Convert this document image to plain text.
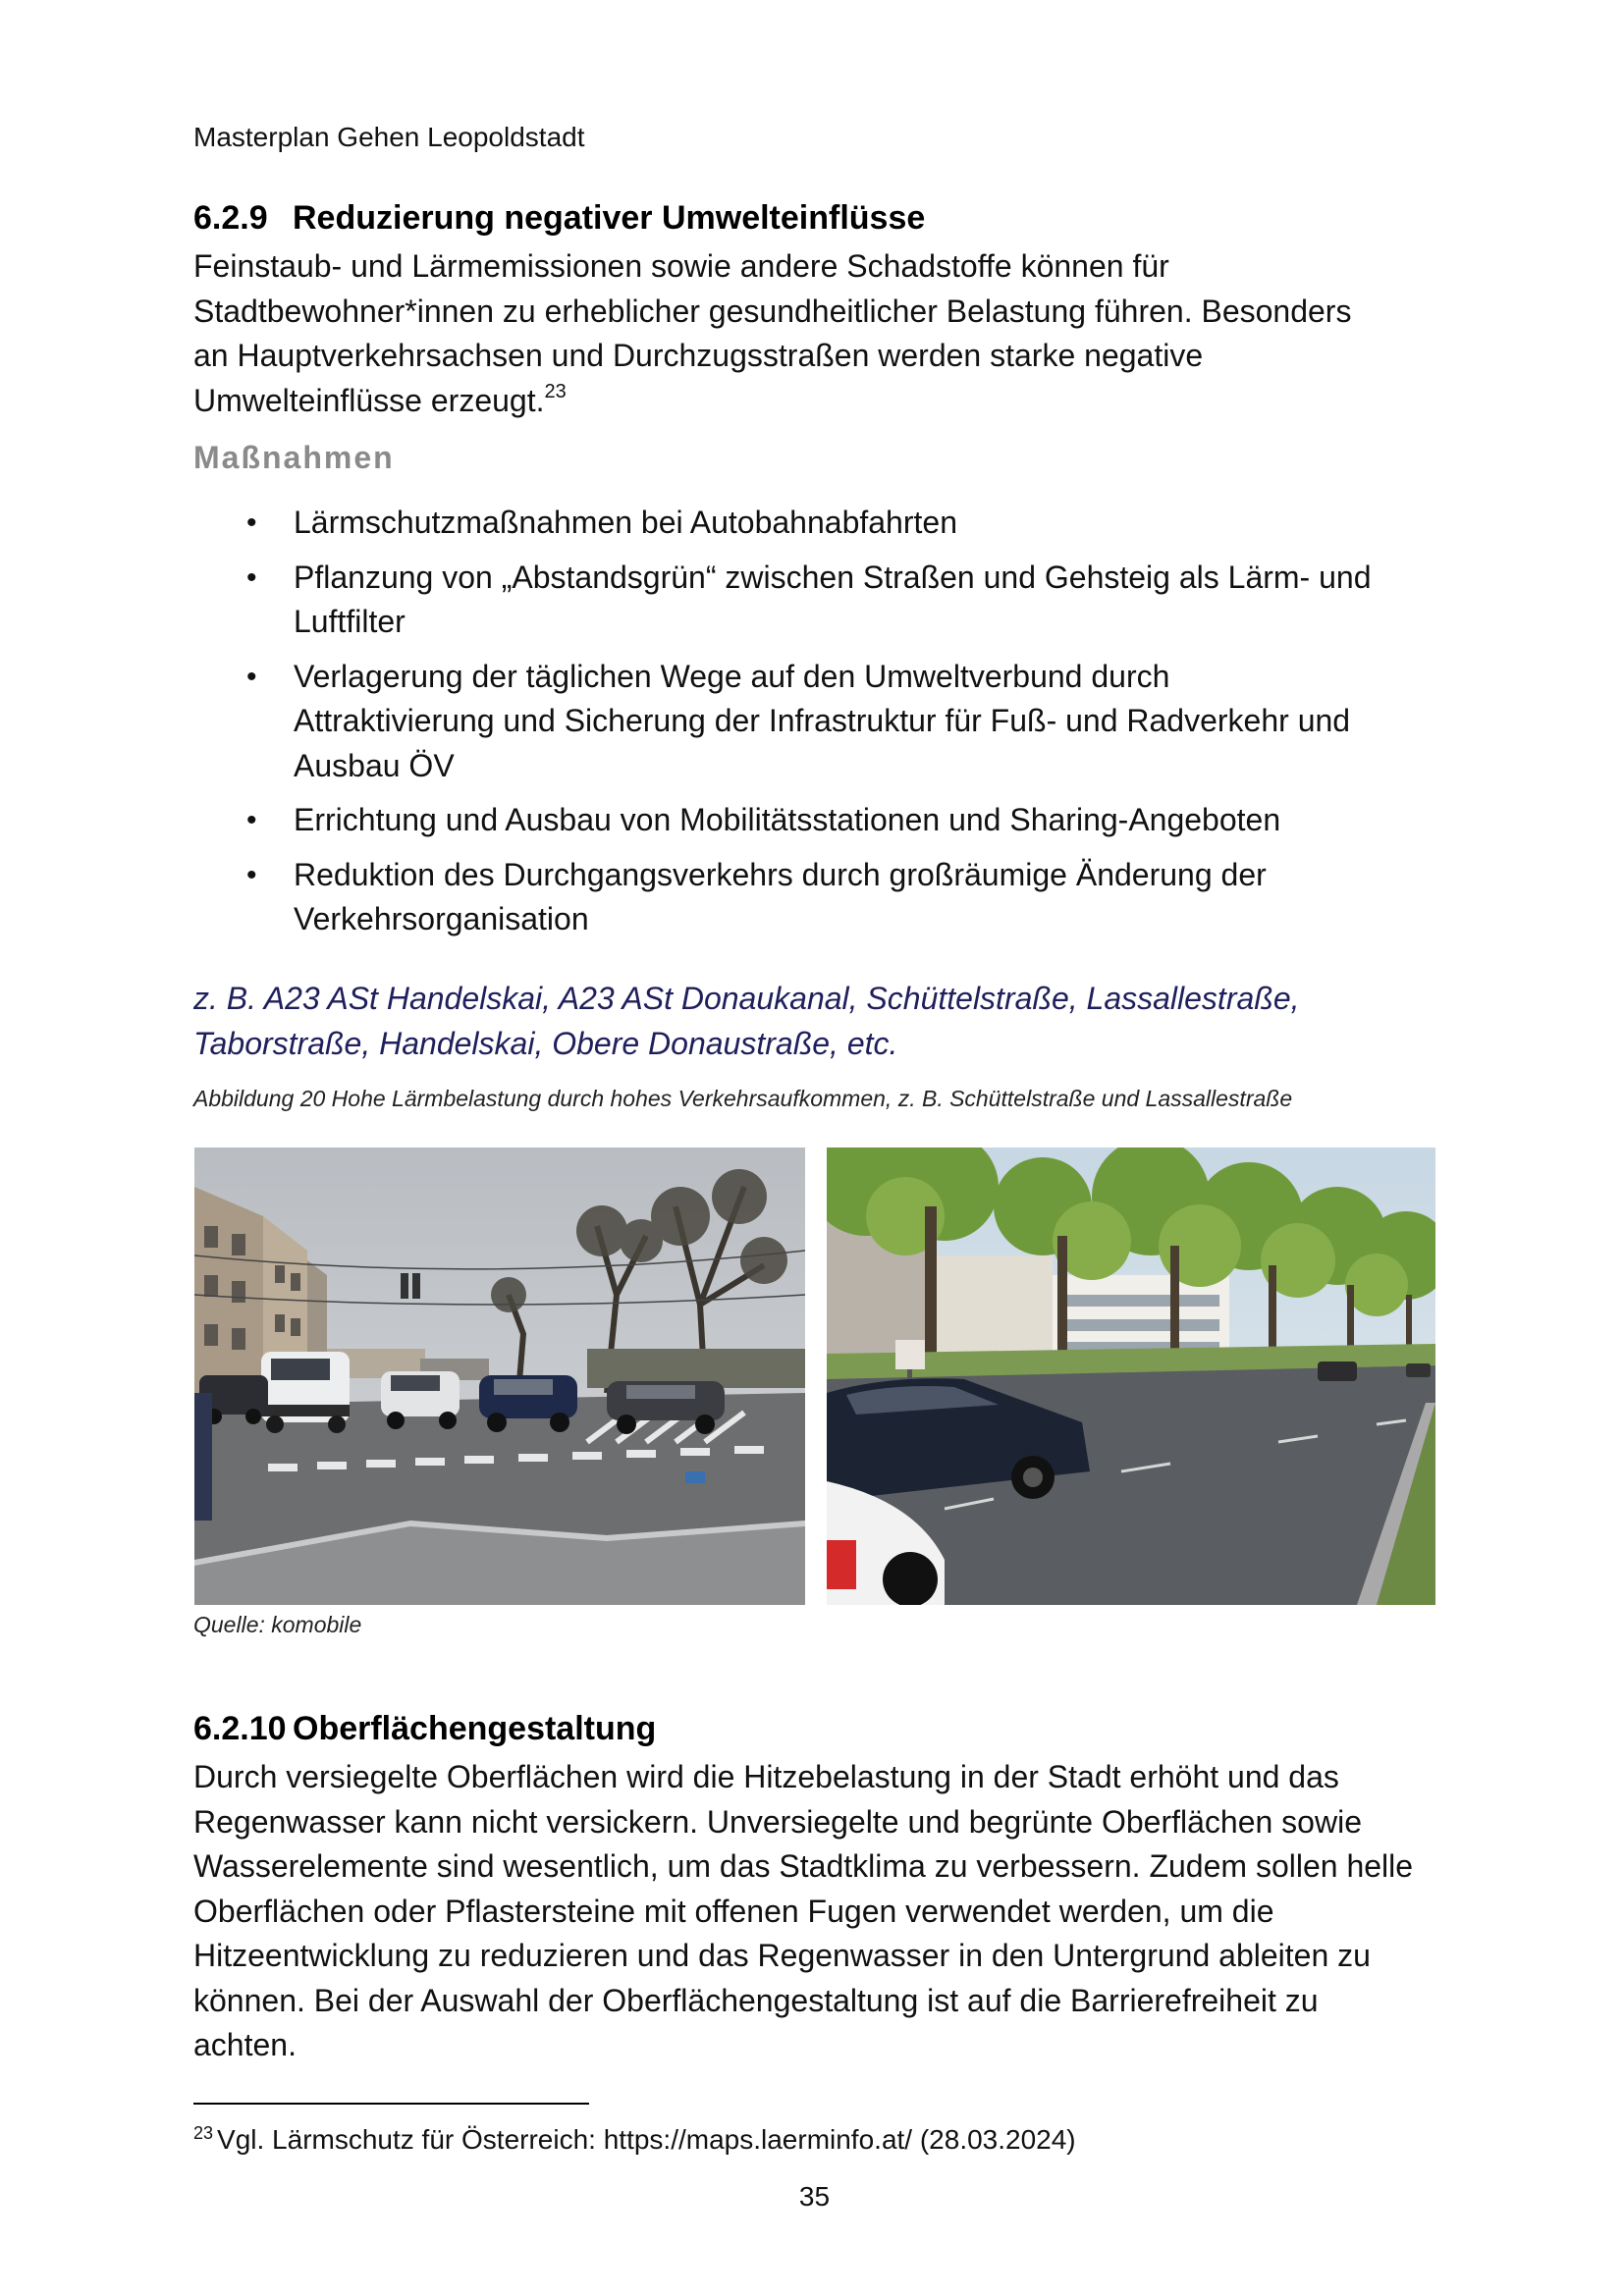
Masterplan Gehen Leopoldstadt
6.2.9 Reduzierung negativer Umwelteinflüsse
Feinstaub- und Lärmemissionen sowie andere Schadstoffe können für
Stadtbewohner*innen zu erheblicher gesundheitlicher Belastung führen. Besonders
an Hauptverkehrsachsen und Durchzugsstraßen werden starke negative
Umwelteinflüsse erzeugt.$^{23}$
Maßnahmen
• Lärmschutzmaßnahmen bei Autobahnabfahrten
• Pflanzung von „Abstandsgrün“ zwischen Straßen und Gehsteig als Lärm- und
Luftfilter
• Verlagerung der täglichen Wege auf den Umweltverbund durch
Attraktivierung und Sicherung der Infrastruktur für Fuß- und Radverkehr und
Ausbau ÖV
• Errichtung und Ausbau von Mobilitätsstationen und Sharing-Angeboten
• Reduktion des Durchgangsverkehrs durch großräumige Änderung der
Verkehrsorganisation
z. B. A23 ASt Handelskai, A23 ASt Donaukanal, Schüttelstraße, Lassallestraße,
Taborstraße, Handelskai, Obere Donaustraße, etc.
Abbildung 20 Hohe Lärmbelastung durch hohes Verkehrsaufkommen, z. B. Schüttelstraße und Lassallestraße
Quelle: komobile
6.2.10 Oberflächengestaltung
Durch versiegelte Oberflächen wird die Hitzebelastung in der Stadt erhöht und das
Regenwasser kann nicht versickern. Unversiegelte und begrünte Oberflächen sowie
Wasserelemente sind wesentlich, um das Stadtklima zu verbessern. Zudem sollen helle
Oberflächen oder Pflastersteine mit offenen Fugen verwendet werden, um die
Hitzeentwicklung zu reduzieren und das Regenwasser in den Untergrund ableiten zu
können. Bei der Auswahl der Oberflächengestaltung ist auf die Barrierefreiheit zu
achten.
$^{23}$ Vgl. Lärmschutz für Österreich: https://maps.laerminfo.at/ (28.03.2024)
35
